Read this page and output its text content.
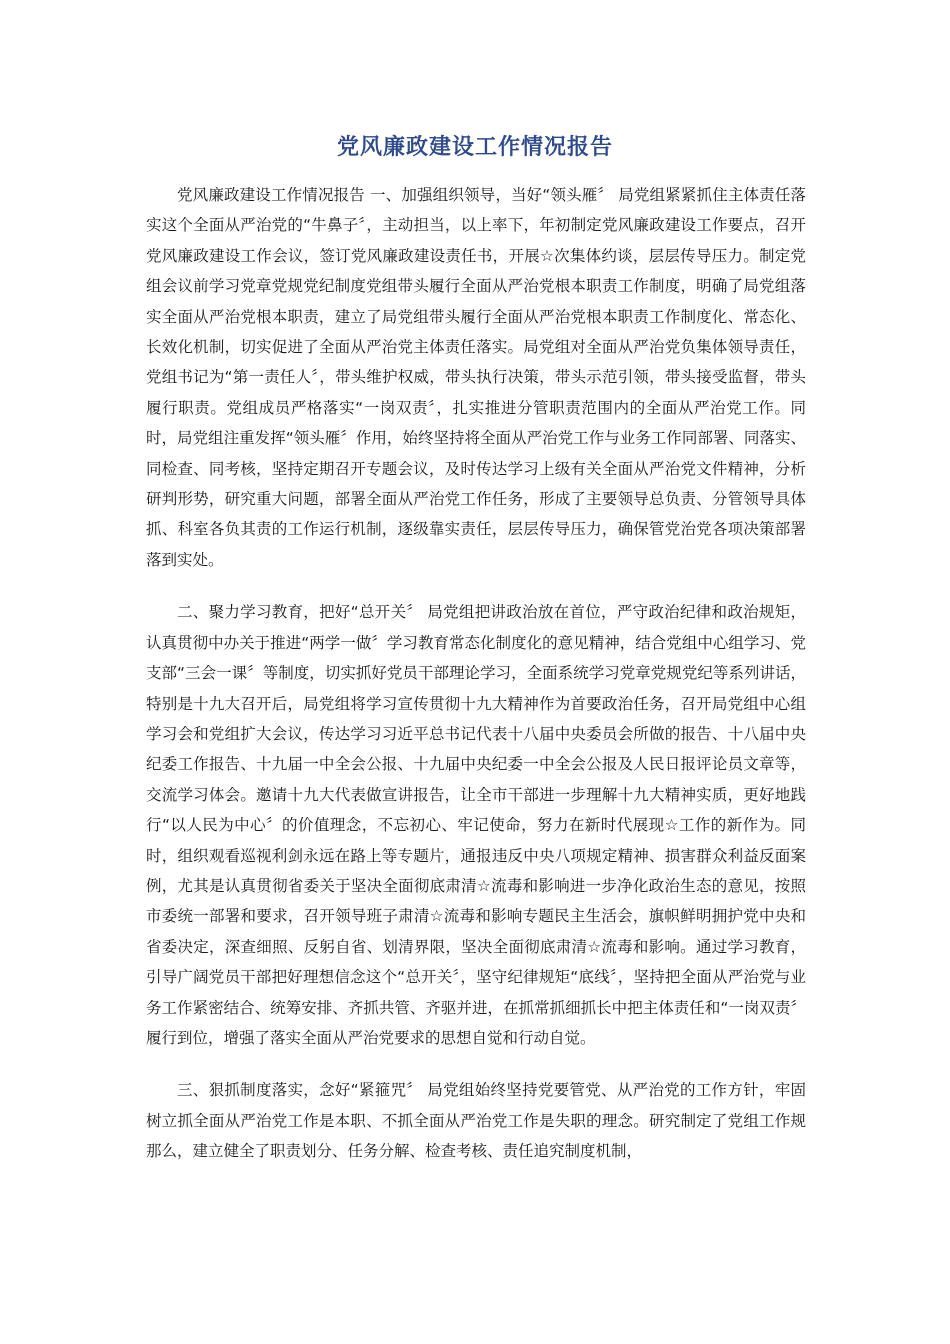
党风廉政建设工作情况报告

党风廉政建设工作情况报告 一、加强组织领导，当好“领头雁〞 局党组紧紧抓住主体责任落实这个全面从严治党的“牛鼻子〞，主动担当，以上率下，年初制定党风廉政建设工作要点，召开党风廉政建设工作会议，签订党风廉政建设责任书，开展☆次集体约谈，层层传导压力。制定党组会议前学习党章党规党纪制度党组带头履行全面从严治党根本职责工作制度，明确了局党组落实全面从严治党根本职责，建立了局党组带头履行全面从严治党根本职责工作制度化、常态化、长效化机制，切实促进了全面从严治党主体责任落实。局党组对全面从严治党负集体领导责任，党组书记为“第一责任人〞，带头维护权威，带头执行决策，带头示范引领，带头接受监督，带头履行职责。党组成员严格落实“一岗双责〞，扎实推进分管职责范围内的全面从严治党工作。同时，局党组注重发挥“领头雁〞作用，始终坚持将全面从严治党工作与业务工作同部署、同落实、同检查、同考核，坚持定期召开专题会议，及时传达学习上级有关全面从严治党文件精神，分析研判形势，研究重大问题，部署全面从严治党工作任务，形成了主要领导总负责、分管领导具体抓、科室各负其责的工作运行机制，逐级靠实责任，层层传导压力，确保管党治党各项决策部署落到实处。

二、聚力学习教育，把好“总开关〞 局党组把讲政治放在首位，严守政治纪律和政治规矩，认真贯彻中办关于推进“两学一做〞学习教育常态化制度化的意见精神，结合党组中心组学习、党支部“三会一课〞等制度，切实抓好党员干部理论学习，全面系统学习党章党规党纪等系列讲话，特别是十九大召开后，局党组将学习宣传贯彻十九大精神作为首要政治任务，召开局党组中心组学习会和党组扩大会议，传达学习习近平总书记代表十八届中央委员会所做的报告、十八届中央纪委工作报告、十九届一中全会公报、十九届中央纪委一中全会公报及人民日报评论员文章等，交流学习体会。邀请十九大代表做宣讲报告，让全市干部进一步理解十九大精神实质，更好地践行“以人民为中心〞的价值理念，不忘初心、牢记使命，努力在新时代展现☆工作的新作为。同时，组织观看巡视利剑永远在路上等专题片，通报违反中央八项规定精神、损害群众利益反面案例，尤其是认真贯彻省委关于坚决全面彻底肃清☆流毒和影响进一步净化政治生态的意见，按照市委统一部署和要求，召开领导班子肃清☆流毒和影响专题民主生活会，旗帜鲜明拥护党中央和省委决定，深查细照、反躬自省、划清界限，坚决全面彻底肃清☆流毒和影响。通过学习教育，引导广阔党员干部把好理想信念这个“总开关〞，坚守纪律规矩“底线〞，坚持把全面从严治党与业务工作紧密结合、统筹安排、齐抓共管、齐驱并进，在抓常抓细抓长中把主体责任和“一岗双责〞履行到位，增强了落实全面从严治党要求的思想自觉和行动自觉。

三、狠抓制度落实，念好“紧箍咒〞 局党组始终坚持党要管党、从严治党的工作方针，牢固树立抓全面从严治党工作是本职、不抓全面从严治党工作是失职的理念。研究制定了党组工作规那么，建立健全了职责划分、任务分解、检查考核、责任追究制度机制，
